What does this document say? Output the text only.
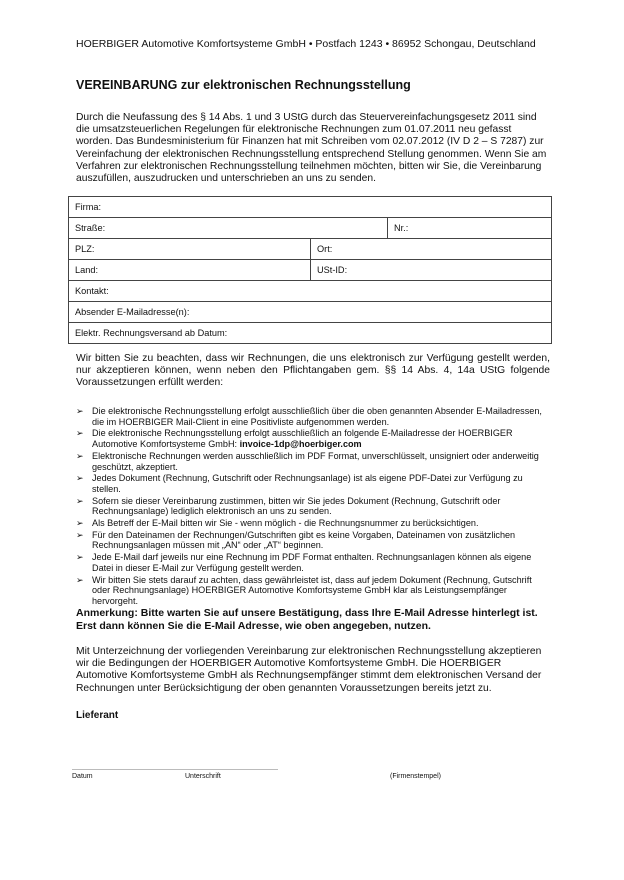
HOERBIGER Automotive Komfortsysteme GmbH • Postfach 1243 • 86952 Schongau, Deutschland
VEREINBARUNG zur elektronischen Rechnungsstellung
Durch die Neufassung des § 14 Abs. 1 und 3 UStG durch das Steuervereinfachungsgesetz 2011 sind die umsatzsteuerlichen Regelungen für elektronische Rechnungen zum 01.07.2011 neu gefasst worden. Das Bundesministerium für Finanzen hat mit Schreiben vom 02.07.2012 (IV D 2 – S 7287) zur Vereinfachung der elektronischen Rechnungsstellung entsprechend Stellung genommen. Wenn Sie am Verfahren zur elektronischen Rechnungsstellung teilnehmen möchten, bitten wir Sie, die Vereinbarung auszufüllen, auszudrucken und unterschrieben an uns zu senden.
Firma:
Straße:	Nr.:
PLZ:	Ort:
Land:	USt-ID:
Kontakt:
Absender E-Mailadresse(n):
Elektr. Rechnungsversand ab Datum:
Wir bitten Sie zu beachten, dass wir Rechnungen, die uns elektronisch zur Verfügung gestellt werden, nur akzeptieren können, wenn neben den Pflichtangaben gem. §§ 14 Abs. 4, 14a UStG folgende Voraussetzungen erfüllt werden:
➢ Die elektronische Rechnungsstellung erfolgt ausschließlich über die oben genannten Absender E-Mailadressen, die im HOERBIGER Mail-Client in eine Positivliste aufgenommen werden.
➢ Die elektronische Rechnungsstellung erfolgt ausschließlich an folgende E-Mailadresse der HOERBIGER Automotive Komfortsysteme GmbH: invoice-1dp@hoerbiger.com
➢ Elektronische Rechnungen werden ausschließlich im PDF Format, unverschlüsselt, unsigniert oder anderweitig geschützt, akzeptiert.
➢ Jedes Dokument (Rechnung, Gutschrift oder Rechnungsanlage) ist als eigene PDF-Datei zur Verfügung zu stellen.
➢ Sofern sie dieser Vereinbarung zustimmen, bitten wir Sie jedes Dokument (Rechnung, Gutschrift oder Rechnungsanlage) lediglich elektronisch an uns zu senden.
➢ Als Betreff der E-Mail bitten wir Sie - wenn möglich - die Rechnungsnummer zu berücksichtigen.
➢ Für den Dateinamen der Rechnungen/Gutschriften gibt es keine Vorgaben, Dateinamen von zusätzlichen Rechnungsanlagen müssen mit „AN“ oder „AT“ beginnen.
➢ Jede E-Mail darf jeweils nur eine Rechnung im PDF Format enthalten. Rechnungsanlagen können als eigene Datei in dieser E-Mail zur Verfügung gestellt werden.
➢ Wir bitten Sie stets darauf zu achten, dass gewährleistet ist, dass auf jedem Dokument (Rechnung, Gutschrift oder Rechnungsanlage) HOERBIGER Automotive Komfortsysteme GmbH klar als Leistungsempfänger hervorgeht.
Anmerkung: Bitte warten Sie auf unsere Bestätigung, dass Ihre E-Mail Adresse hinterlegt ist. Erst dann können Sie die E-Mail Adresse, wie oben angegeben, nutzen.
Mit Unterzeichnung der vorliegenden Vereinbarung zur elektronischen Rechnungsstellung akzeptieren wir die Bedingungen der HOERBIGER Automotive Komfortsysteme GmbH. Die HOERBIGER Automotive Komfortsysteme GmbH als Rechnungsempfänger stimmt dem elektronischen Versand der Rechnungen unter Berücksichtigung der oben genannten Voraussetzungen bereits jetzt zu.
Lieferant
Datum	Unterschrift	(Firmenstempel)
